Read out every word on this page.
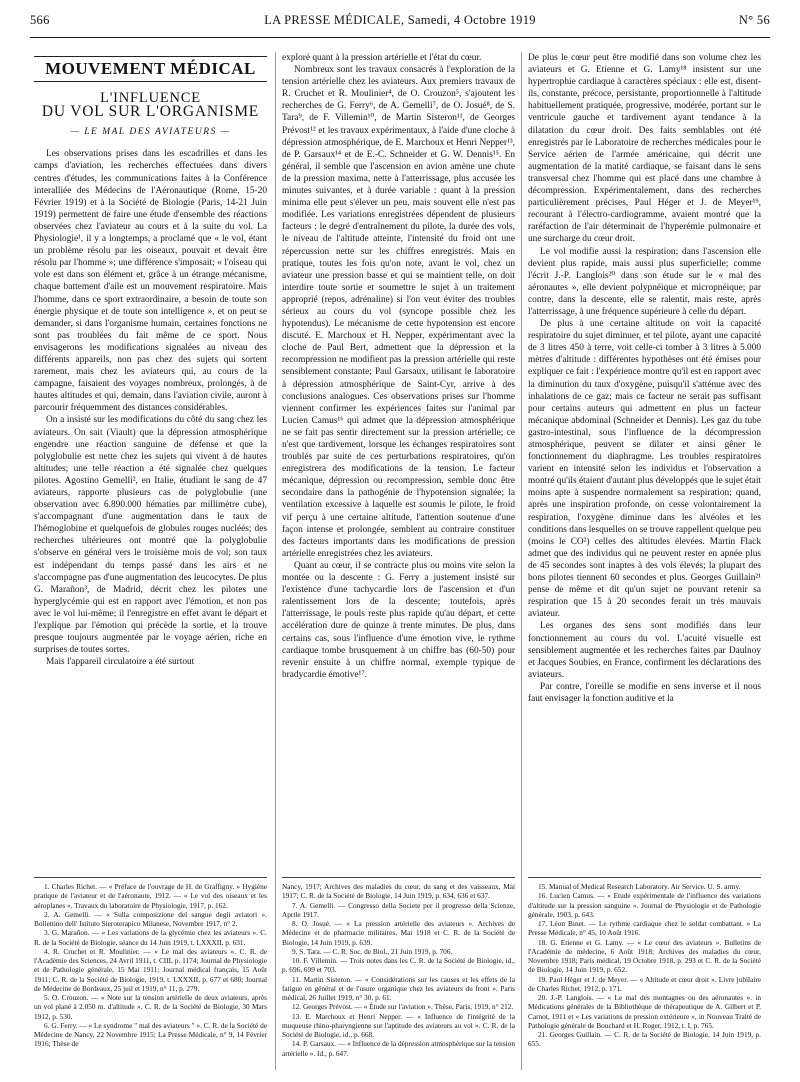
566	LA PRESSE MÉDICALE, Samedi, 4 Octobre 1919	N° 56
MOUVEMENT MÉDICAL
L'INFLUENCE
DU VOL SUR L'ORGANISME
— LE MAL DES AVIATEURS —

Les observations prises dans les escadrilles et dans les camps d'aviation, les recherches effectuées dans divers centres d'études, les communications faites à la Conférence interalliée des Médecins de l'Aéronautique (Rome, 15-20 Février 1919) et à la Société de Biologie (Paris, 14-21 Juin 1919) permettent de faire une étude d'ensemble des réactions observées chez l'aviateur au cours et à la suite du vol. La Physiologie¹, il y a longtemps, a proclamé que « le vol, étant un problème résolu par les oiseaux, pouvait et devait être résolu par l'homme »; une différence s'imposait; « l'oiseau qui vole est dans son élément et, grâce à un étrange mécanisme, chaque battement d'aile est un mouvement respiratoire. Mais l'homme, dans ce sport extraordinaire, a besoin de toute son énergie physique et de toute son intelligence », et on peut se demander, si dans l'organisme humain, certaines fonctions ne sont pas troublées du fait même de ce sport. Nous envisagerons les modifications signalées au niveau des différents appareils, non pas chez des sujets qui sortent rarement, mais chez les aviateurs qui, au cours de la campagne, faisaient des voyages nombreux, prolongés, à de hautes altitudes et qui, demain, dans l'aviation civile, auront à parcourir fréquemment des distances considérables.

On a insisté sur les modifications du côté du sang chez les aviateurs. On sait (Viault) que la dépression atmosphérique engendre une réaction sanguine de défense et que la polyglobulie est nette chez les sujets qui vivent à de hautes altitudes; une telle réaction a été signalée chez quelques pilotes. Agostino Gemelli², en Italie, étudiant le sang de 47 aviateurs, rapporte plusieurs cas de polyglobulie (une observation avec 6.890.000 hématies par millimètre cube), s'accompagnant d'une augmentation dans le taux de l'hémoglobine et quelquefois de globules rouges nucléés; des recherches ultérieures ont montré que la polyglobulie s'observe en général vers le troisième mois de vol; son taux est indépendant du temps passé dans les airs et ne s'accompagne pas d'une augmentation des leucocytes. De plus G. Marañon³, de Madrid, décrit chez les pilotes une hyperglycémie qui est en rapport avec l'émotion, et non pas avec le vol lui-même; il l'enregistre en effet avant le départ et l'explique par l'émotion qui précède la sortie, et la trouve presque toujours augmentée par le voyage aérien, riche en surprises de toutes sortes.

Mais l'appareil circulatoire a été surtout

exploré quant à la pression artérielle et l'état du cœur.

Nombreux sont les travaux consacrés à l'exploration de la tension artérielle chez les aviateurs. Aux premiers travaux de R. Cruchet et R. Moulinier⁴, de O. Crouzon⁵, s'ajoutent les recherches de G. Ferry⁶, de A. Gemelli⁷, de O. Josué⁸, de S. Tara⁹, de F. Villemin¹⁰, de Martin Sisteron¹¹, de Georges Prévost¹² et les travaux expérimentaux, à l'aide d'une cloche à dépression atmosphérique, de E. Marchoux et Henri Nepper¹³, de P. Garsaux¹⁴ et de E.-C. Schneider et G. W. Dennis¹⁵. En général, il semble que l'ascension en avion amène une chute de la pression maxima, nette à l'atterrissage, plus accusée les minutes suivantes, et à durée variable : quant à la pression minima elle peut s'élever un peu, mais souvent elle n'est pas modifiée. Les variations enregistrées dépendent de plusieurs facteurs : le degré d'entraînement du pilote, la durée des vols, le niveau de l'altitude atteinte, l'intensité du froid ont une répercussion nette sur les chiffres enregistrés. Mais en pratique, toutes les fois qu'on note, avant le vol, chez un aviateur une pression basse et qui se maintient telle, on doit interdire toute sortie et soumettre le sujet à un traitement approprié (repos, adrénaline) si l'on veut éviter des troubles sérieux au cours du vol (syncope possible chez les hypotendus). Le mécanisme de cette hypotension est encore discuté. E. Marchoux et H. Nepper, expérimentant avec la cloche de Paul Bert, admettent que la dépression et la recompression ne modifient pas la pression artérielle qui reste sensiblement constante; Paul Garsaux, utilisant le laboratoire à dépression atmosphérique de Saint-Cyr, arrive à des conclusions analogues. Ces observations prises sur l'homme viennent confirmer les expériences faites sur l'animal par Lucien Camus¹⁶ qui admet que la dépression atmosphérique ne se fait pas sentir directement sur la pression artérielle; ce n'est que tardivement, lorsque les échanges respiratoires sont troublés par suite de ces perturbations respiratoires, qu'on enregistrera des modifications de la tension. Le facteur mécanique, dépression ou recompression, semble donc être secondaire dans la pathogénie de l'hypotension signalée; la ventilation excessive à laquelle est soumis le pilote, le froid vif perçu à une certaine altitude, l'attention soutenue d'une façon intense et prolongée, semblent au contraire constituer des facteurs importants dans les modifications de pression artérielle enregistrées chez les aviateurs.

Quant au cœur, il se contracte plus ou moins vite selon la montée ou la descente : G. Ferry a justement insisté sur l'existence d'une tachycardie lors de l'ascension et d'un ralentissement lors de la descente; toutefois, après l'atterrissage, le pouls reste plus rapide qu'au départ, et cette accélération dure de quinze à trente minutes. De plus, dans certains cas, sous l'influence d'une émotion vive, le rythme cardiaque tombe brusquement à un chiffre bas (60-50) pour revenir ensuite à un chiffre normal, exemple typique de bradycardie émotive¹⁷.

De plus le cœur peut être modifié dans son volume chez les aviateurs et G. Etienne et G. Lamy¹⁸ insistent sur une hypertrophie cardiaque à caractères spéciaux : elle est, disent-ils, constante, précoce, persistante, proportionnelle à l'altitude habituellement pratiquée, progressive, modérée, portant sur le ventricule gauche et tardivement ayant tendance à la dilatation du cœur droit. Des faits semblables ont été enregistrés par le Laboratoire de recherches médicales pour le Service aérien de l'armée américaine, qui décrit une augmentation de la matité cardiaque, se faisant dans le sens transversal chez l'homme qui est placé dans une chambre à décompression. Expérimentalement, dans des recherches particulièrement précises, Paul Héger et J. de Meyer¹⁹, recourant à l'électro-cardiogramme, avaient montré que la raréfaction de l'air déterminait de l'hyperémie pulmonaire et une surcharge du cœur droit.

Le vol modifie aussi la respiration; dans l'ascension elle devient plus rapide, mais aussi plus superficielle; comme l'écrit J.-P. Langlois²⁰ dans son étude sur le « mal des aéronautes », elle devient polypnéique et micropnéique; par contre, dans la descente, elle se ralentit, mais reste, après l'atterrissage, à une fréquence supérieure à celle du départ.

De plus à une certaine altitude on voit la capacité respiratoire du sujet diminuer, et tel pilote, ayant une capacité de 3 litres 450 à terre, voit celle-ci tomber à 3 litres à 5.000 mètres d'altitude : différentes hypothèses ont été émises pour expliquer ce fait : l'expérience montre qu'il est en rapport avec la diminution du taux d'oxygène, puisqu'il s'atténue avec des inhalations de ce gaz; mais ce facteur ne serait pas suffisant pour certains auteurs qui admettent en plus un facteur mécanique abdominal (Schneider et Dennis). Les gaz du tube gastro-intestinal, sous l'influence de la décompression atmosphérique, peuvent se dilater et ainsi gêner le fonctionnement du diaphragme. Les troubles respiratoires varient en intensité selon les individus et l'observation a montré qu'ils étaient d'autant plus développés que le sujet était moins apte à suspendre normalement sa respiration; quand, après une inspiration profonde, on cesse volontairement la respiration, l'oxygène diminue dans les alvéoles et les conditions dans lesquelles on se trouve rappellent quelque peu (moins le CO²) celles des altitudes élevées. Martin Flack admet que des individus qui ne peuvent rester en apnée plus de 45 secondes sont inaptes à des vols élevés; la plupart des bons pilotes tiennent 60 secondes et plus. Georges Guillain²¹ pense de même et dit qu'un sujet ne pouvant retenir sa respiration que 15 à 20 secondes ferait un très mauvais aviateur.

Les organes des sens sont modifiés dans leur fonctionnement au cours du vol. L'acuité visuelle est sensiblement augmentée et les recherches faites par Daulnoy et Jacques Soubies, en France, confirment les déclarations des aviateurs.

Par contre, l'oreille se modifie en sens inverse et il nous faut envisager la fonction auditive et la

1. Charles Richet. — « Préface de l'ouvrage de H. de Graffigny. » Hygiène pratique de l'aviateur et de l'aéronaute, 1912. — « Le vol des oiseaux et les aéroplanes ». Travaux du laboratoire de Physiologie, 1917, p. 162.

2. A. Gemelli. — « Sulla composizione del sangue degli aviatori ». Bollettino dell' Istituto Sieroterapico Milanese, Novembre 1917, n° 2.

3. G. Marañon. — « Les variations de la glycémie chez les aviateurs ». C. R. de la Société de Biologie, séance du 14 Juin 1919, t. LXXXII, p. 631.

4. R. Cruchet et R. Moulinier. — « Le mal des aviateurs ». C. R. de l'Académie des Sciences, 24 Avril 1911, t. CIII, p. 1174; Journal de Physiologie et de Pathologie générale, 15 Mai 1911; Journal médical français, 15 Août 1911; C. R. de la Société de Biologie, 1919, t. LXXXII, p. 677 et 680; Journal de Médecine de Bordeaux, 25 juil et 1919, n° 11, p. 279.

5. O. Crouzon. — « Note sur la tension artérielle de deux aviateurs, après un vol plané à 2.050 m. d'altitude ». C. R. de la Société de Biologie, 30 Mars 1912, p. 530.

6. G. Ferry. — « Le syndrome " mal des aviateurs " ». C. R. de la Société de Médecine de Nancy, 22 Novembre 1915; La Presse Médicale, n° 9, 14 Février 1916; Thèse de

Nancy, 1917; Archives des maladies du cœur, du sang et des vaisseaux, Mai 1917; C. R. de la Société de Biologie, 14 Juin 1919, p. 634, 636 et 637.

7. A. Gemelli. — Congresso della Societe per il progresso della Scienze, Aprile 1917.

8. O. Josué. — « La pression artérielle des aviateurs ». Archives de Médecine et de pharmacie militaires, Mai 1918 et C. R. de la Société de Biologie, 14 Juin 1919, p. 639.

9. S. Tara. — C. R. Soc. de Biol., 21 Juin 1919, p. 706.

10. F. Villemin. — Trois notes dans les C. R. de la Société de Biologie, id., p. 696, 699 et 703.

11. Martin Sisteron. — « Considérations sur les causes et les effets de la fatigue en général et de l'usure organique chez les aviateurs du front ». Paris médical, 26 Juillet 1919, n° 30, p. 61.

12. Georges Prévost. — « Étude sur l'aviation ». Thèse, Paris, 1919, n° 212.

13. E. Marchoux et Henri Nepper. — « Influence de l'intégrité de la muqueuse rhino-pharyngienne sur l'aptitude des aviateurs au vol ». C. R. de la Société de Biologie, id., p. 668.

14. P. Garsaux. — « Influence de la dépression atmosphérique sur la tension artérielle ». Id., p. 647.

15. Manual of Medical Research Laboratory. Air Service. U. S. army.

16. Lucien Camus. — « Etude expérimentale de l'influence des variations d'altitude sur la pression sanguine ». Journal de Physiologie et de Pathologie générale, 1903, p. 643.

17. Léon Binet. — Le rythme cardiaque chez le soldat combattant. » La Presse Médicale, n° 45, 10 Août 1916.

18. G. Etienne et G. Lamy. — « Le cœur des aviateurs ». Bulletins de l'Académie de médecine, 6 Août 1918; Archives des maladies du cœur, Novembre 1918; Paris médical, 19 Octobre 1918, p. 293 et C. R. de la Société de Biologie, 14 Juin 1919, p. 652.

19. Paul Héger et J. de Meyer. — « Altitude et cœur droit ». Livre jubilaire de Charles Richet, 1912, p. 171.

20. J.-P. Langlois. — « Le mal des montagnes ou des aéronautes ». in Médications générales de la Bibliothèque de thérapeutique de A. Gilbert et P. Carnot, 1911 et « Les variations de pression extérieure », in Nouveau Traité de Pathologie générale de Bouchard et H. Roger, 1912, t. I, p. 765.

21. Georges Guillain. — C. R. de la Société de Biologie, 14 Juin 1919, p. 655.
